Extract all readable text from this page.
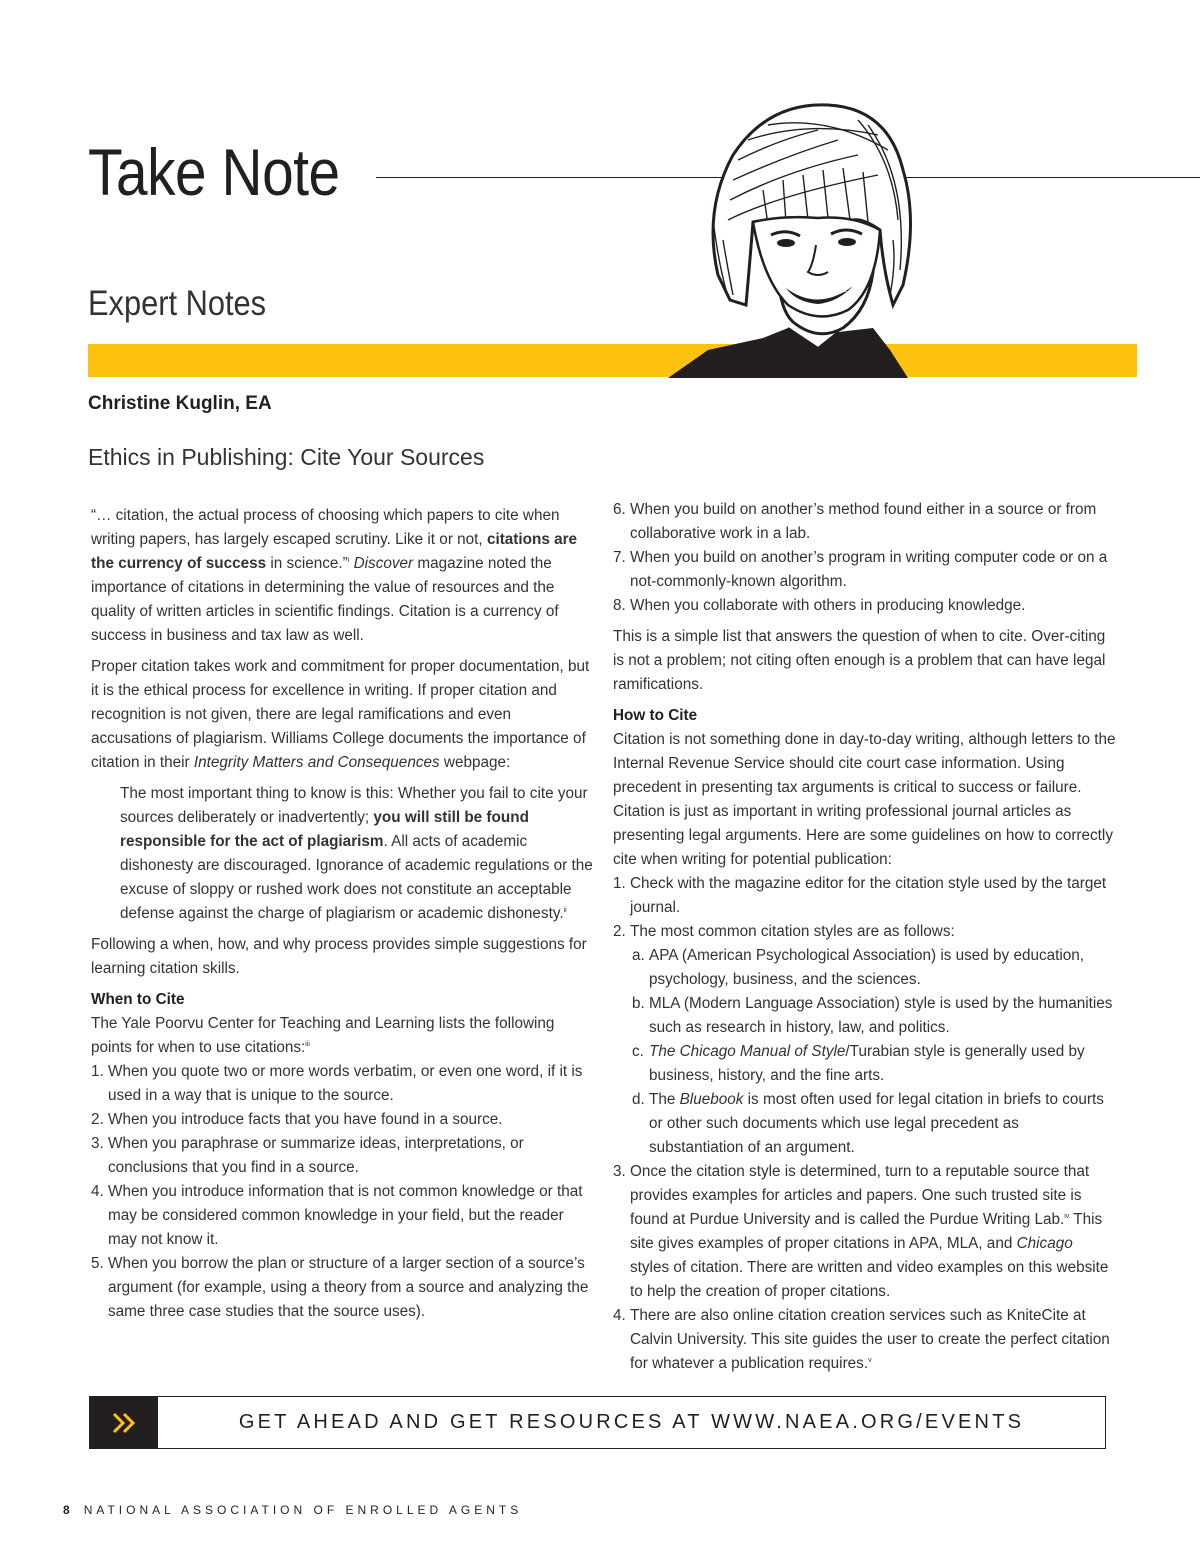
Take Note
Expert Notes
Christine Kuglin, EA
Ethics in Publishing: Cite Your Sources

“… citation, the actual process of choosing which papers to cite when writing papers, has largely escaped scrutiny. Like it or not, citations are the currency of success in science.”$^i$ Discover magazine noted the importance of citations in determining the value of resources and the quality of written articles in scientific findings. Citation is a currency of success in business and tax law as well.

Proper citation takes work and commitment for proper documentation, but it is the ethical process for excellence in writing. If proper citation and recognition is not given, there are legal ramifications and even accusations of plagiarism. Williams College documents the importance of citation in their Integrity Matters and Consequences webpage:

The most important thing to know is this: Whether you fail to cite your sources deliberately or inadvertently; you will still be found responsible for the act of plagiarism. All acts of academic dishonesty are discouraged. Ignorance of academic regulations or the excuse of sloppy or rushed work does not constitute an acceptable defense against the charge of plagiarism or academic dishonesty.$^{ii}$

Following a when, how, and why process provides simple suggestions for learning citation skills.

When to Cite

The Yale Poorvu Center for Teaching and Learning lists the following points for when to use citations:$^{iii}$

1. When you quote two or more words verbatim, or even one word, if it is used in a way that is unique to the source.
2. When you introduce facts that you have found in a source.
3. When you paraphrase or summarize ideas, interpretations, or conclusions that you find in a source.
4. When you introduce information that is not common knowledge or that may be considered common knowledge in your field, but the reader may not know it.
5. When you borrow the plan or structure of a larger section of a source’s argument (for example, using a theory from a source and analyzing the same three case studies that the source uses).
6. When you build on another’s method found either in a source or from collaborative work in a lab.
7. When you build on another’s program in writing computer code or on a not-commonly-known algorithm.
8. When you collaborate with others in producing knowledge.

This is a simple list that answers the question of when to cite. Over-citing is not a problem; not citing often enough is a problem that can have legal ramifications.

How to Cite

Citation is not something done in day-to-day writing, although letters to the Internal Revenue Service should cite court case information. Using precedent in presenting tax arguments is critical to success or failure. Citation is just as important in writing professional journal articles as presenting legal arguments. Here are some guidelines on how to correctly cite when writing for potential publication:

1. Check with the magazine editor for the citation style used by the target journal.
2. The most common citation styles are as follows:
a. APA (American Psychological Association) is used by education, psychology, business, and the sciences.
b. MLA (Modern Language Association) style is used by the humanities such as research in history, law, and politics.
c. The Chicago Manual of Style/Turabian style is generally used by business, history, and the fine arts.
d. The Bluebook is most often used for legal citation in briefs to courts or other such documents which use legal precedent as substantiation of an argument.
3. Once the citation style is determined, turn to a reputable source that provides examples for articles and papers. One such trusted site is found at Purdue University and is called the Purdue Writing Lab.$^{iv}$ This site gives examples of proper citations in APA, MLA, and Chicago styles of citation. There are written and video examples on this website to help the creation of proper citations.
4. There are also online citation creation services such as KniteCite at Calvin University. This site guides the user to create the perfect citation for whatever a publication requires.$^v$
GET AHEAD AND GET RESOURCES AT WWW.NAEA.ORG/EVENTS
8 NATIONAL ASSOCIATION OF ENROLLED AGENTS
